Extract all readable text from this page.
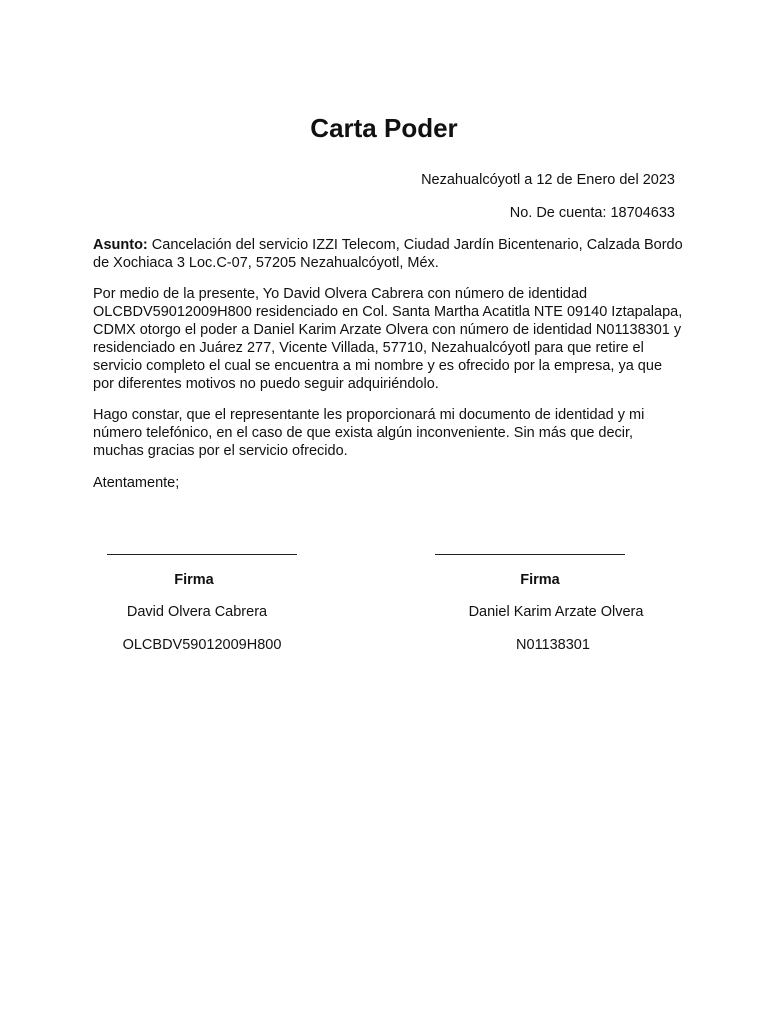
Carta Poder
Nezahualcóyotl a 12 de Enero del 2023
No. De cuenta: 18704633

Asunto: Cancelación del servicio IZZI Telecom, Ciudad Jardín Bicentenario, Calzada Bordo de Xochiaca 3 Loc.C-07, 57205 Nezahualcóyotl, Méx.

Por medio de la presente, Yo David Olvera Cabrera con número de identidad OLCBDV59012009H800 residenciado en Col. Santa Martha Acatitla NTE 09140 Iztapalapa, CDMX otorgo el poder a Daniel Karim Arzate Olvera con número de identidad N01138301 y residenciado en Juárez 277, Vicente Villada, 57710, Nezahualcóyotl para que retire el servicio completo el cual se encuentra a mi nombre y es ofrecido por la empresa, ya que por diferentes motivos no puedo seguir adquiriéndolo.

Hago constar, que el representante les proporcionará mi documento de identidad y mi número telefónico, en el caso de que exista algún inconveniente. Sin más que decir, muchas gracias por el servicio ofrecido.

Atentamente;

Firma	Firma
David Olvera Cabrera	Daniel Karim Arzate Olvera
OLCBDV59012009H800	N01138301
